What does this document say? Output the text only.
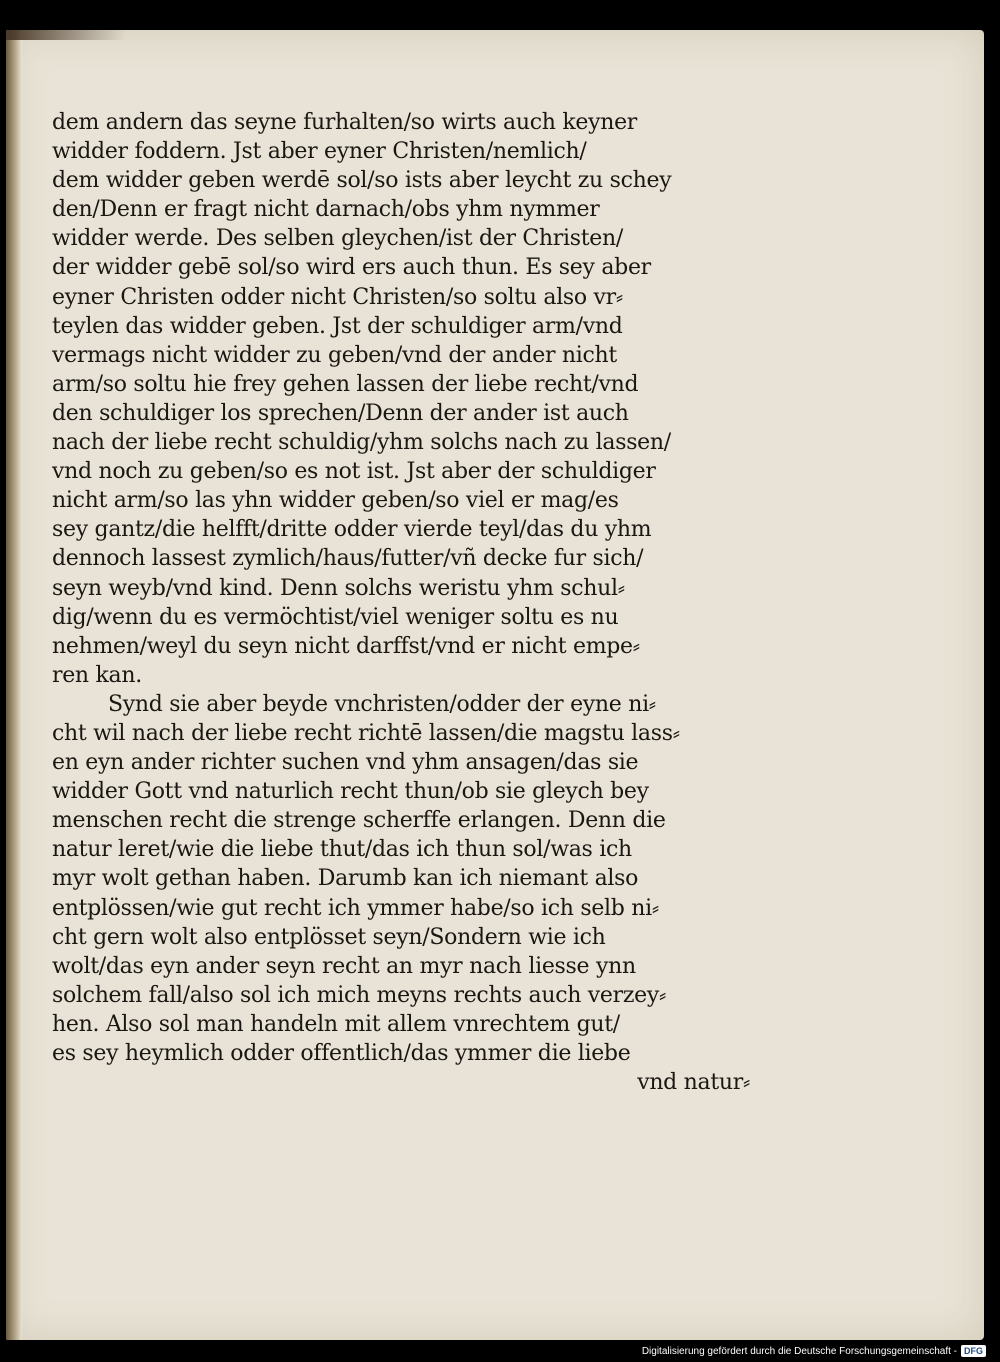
dem andern das seyne furhalten/so wirts auch keyner
widder foddern. Jst aber eyner Christen/nemlich/
dem widder geben werdē sol/so ists aber leycht zu schey
den/Denn er fragt nicht darnach/obs yhm nymmer
widder werde. Des selben gleychen/ist der Christen/
der widder gebē sol/so wird ers auch thun. Es sey aber
eyner Christen odder nicht Christen/so soltu also vr⸗
teylen das widder geben. Jst der schuldiger arm/vnd
vermags nicht widder zu geben/vnd der ander nicht
arm/so soltu hie frey gehen lassen der liebe recht/vnd
den schuldiger los sprechen/Denn der ander ist auch
nach der liebe recht schuldig/yhm solchs nach zu lassen/
vnd noch zu geben/so es not ist. Jst aber der schuldiger
nicht arm/so las yhn widder geben/so viel er mag/es
sey gantz/die helfft/dritte odder vierde teyl/das du yhm
dennoch lassest zymlich/haus/futter/vñ decke fur sich/
seyn weyb/vnd kind. Denn solchs weristu yhm schul⸗
dig/wenn du es vermöchtist/viel weniger soltu es nu
nehmen/weyl du seyn nicht darffst/vnd er nicht empe⸗
ren kan.
Synd sie aber beyde vnchristen/odder der eyne ni⸗
cht wil nach der liebe recht richtē lassen/die magstu lass⸗
en eyn ander richter suchen vnd yhm ansagen/das sie
widder Gott vnd naturlich recht thun/ob sie gleych bey
menschen recht die strenge scherffe erlangen. Denn die
natur leret/wie die liebe thut/das ich thun sol/was ich
myr wolt gethan haben. Darumb kan ich niemant also
entplössen/wie gut recht ich ymmer habe/so ich selb ni⸗
cht gern wolt also entplösset seyn/Sondern wie ich
wolt/das eyn ander seyn recht an myr nach liesse ynn
solchem fall/also sol ich mich meyns rechts auch verzey⸗
hen. Also sol man handeln mit allem vnrechtem gut/
es sey heymlich odder offentlich/das ymmer die liebe
vnd natur⸗
Digitalisierung gefördert durch die Deutsche Forschungsgemeinschaft - DFG
